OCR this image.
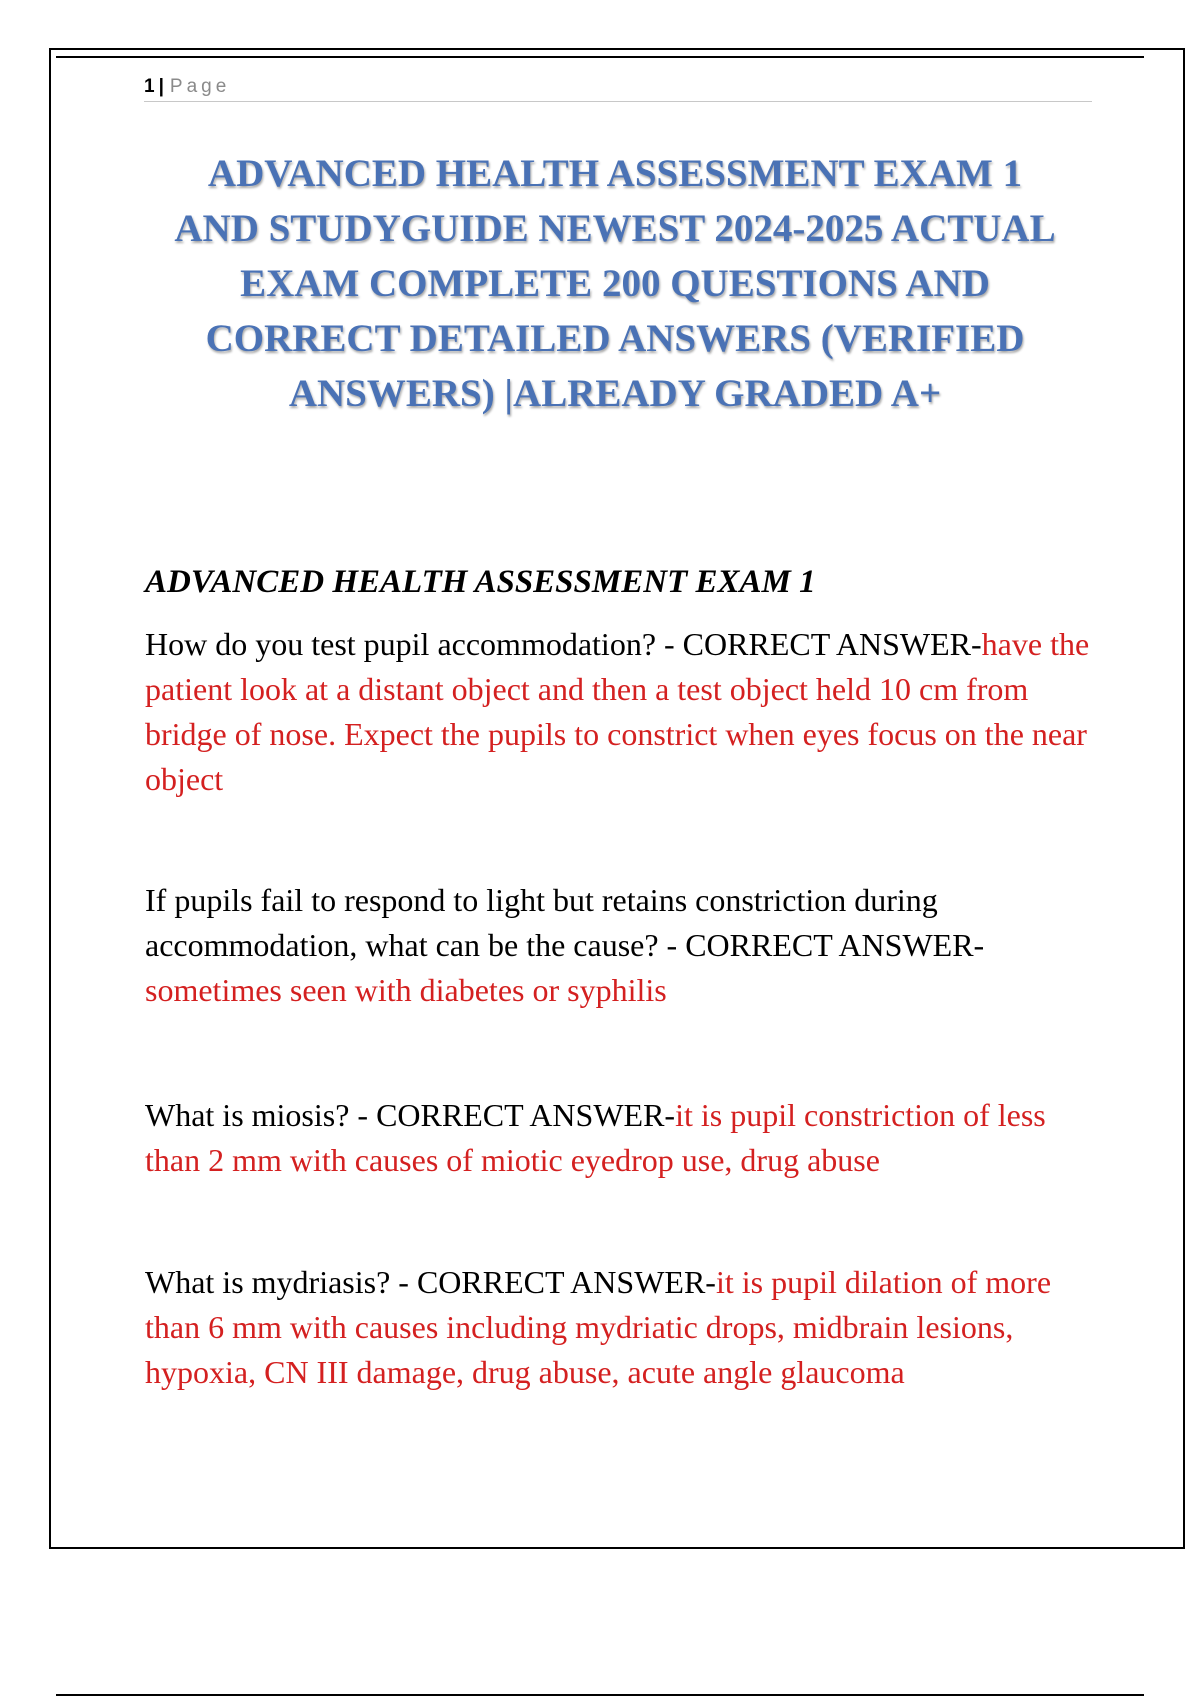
1 | Page
ADVANCED HEALTH ASSESSMENT EXAM 1
AND STUDYGUIDE NEWEST 2024-2025 ACTUAL
EXAM COMPLETE 200 QUESTIONS AND
CORRECT DETAILED ANSWERS (VERIFIED
ANSWERS) |ALREADY GRADED A+
ADVANCED HEALTH ASSESSMENT EXAM 1
How do you test pupil accommodation? - CORRECT ANSWER-have the patient look at a distant object and then a test object held 10 cm from bridge of nose. Expect the pupils to constrict when eyes focus on the near object
If pupils fail to respond to light but retains constriction during accommodation, what can be the cause? - CORRECT ANSWER-sometimes seen with diabetes or syphilis
What is miosis? - CORRECT ANSWER-it is pupil constriction of less than 2 mm with causes of miotic eyedrop use, drug abuse
What is mydriasis? - CORRECT ANSWER-it is pupil dilation of more than 6 mm with causes including mydriatic drops, midbrain lesions, hypoxia, CN III damage, drug abuse, acute angle glaucoma
